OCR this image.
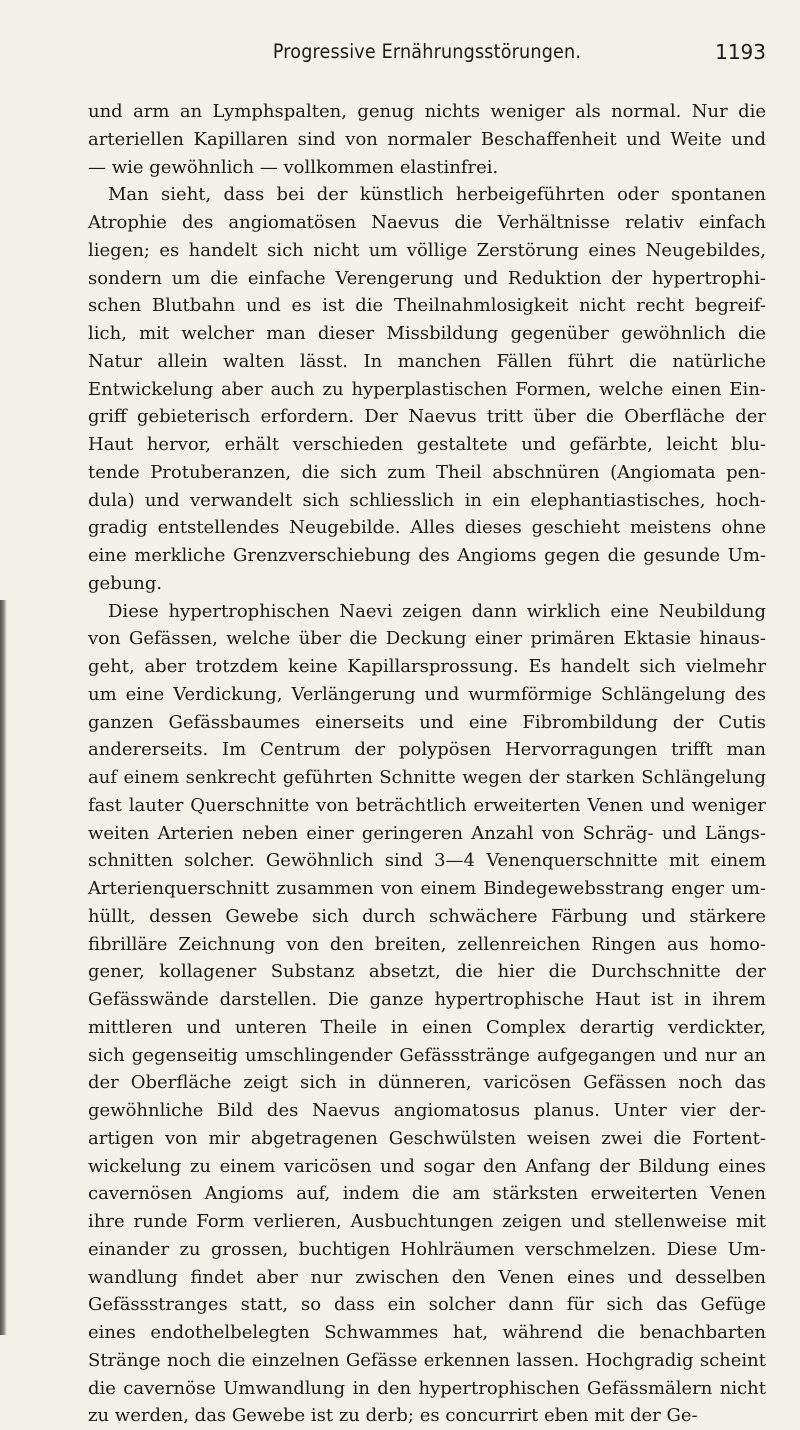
Progressive Ernährungsstörungen.	1193
und arm an Lymphspalten, genug nichts weniger als normal. Nur die
arteriellen Kapillaren sind von normaler Beschaffenheit und Weite und
— wie gewöhnlich — vollkommen elastinfrei.
Man sieht, dass bei der künstlich herbeigeführten oder spontanen
Atrophie des angiomatösen Naevus die Verhältnisse relativ einfach
liegen; es handelt sich nicht um völlige Zerstörung eines Neugebildes,
sondern um die einfache Verengerung und Reduktion der hypertrophi-
schen Blutbahn und es ist die Theilnahmlosigkeit nicht recht begreif-
lich, mit welcher man dieser Missbildung gegenüber gewöhnlich die
Natur allein walten lässt. In manchen Fällen führt die natürliche
Entwickelung aber auch zu hyperplastischen Formen, welche einen Ein-
griff gebieterisch erfordern. Der Naevus tritt über die Oberfläche der
Haut hervor, erhält verschieden gestaltete und gefärbte, leicht blu-
tende Protuberanzen, die sich zum Theil abschnüren (Angiomata pen-
dula) und verwandelt sich schliesslich in ein elephantiastisches, hoch-
gradig entstellendes Neugebilde. Alles dieses geschieht meistens ohne
eine merkliche Grenzverschiebung des Angioms gegen die gesunde Um-
gebung.
Diese hypertrophischen Naevi zeigen dann wirklich eine Neubildung
von Gefässen, welche über die Deckung einer primären Ektasie hinaus-
geht, aber trotzdem keine Kapillarsprossung. Es handelt sich vielmehr
um eine Verdickung, Verlängerung und wurmförmige Schlängelung des
ganzen Gefässbaumes einerseits und eine Fibrombildung der Cutis
andererseits. Im Centrum der polypösen Hervorragungen trifft man
auf einem senkrecht geführten Schnitte wegen der starken Schlängelung
fast lauter Querschnitte von beträchtlich erweiterten Venen und weniger
weiten Arterien neben einer geringeren Anzahl von Schräg- und Längs-
schnitten solcher. Gewöhnlich sind 3—4 Venenquerschnitte mit einem
Arterienquerschnitt zusammen von einem Bindegewebsstrang enger um-
hüllt, dessen Gewebe sich durch schwächere Färbung und stärkere
fibrilläre Zeichnung von den breiten, zellenreichen Ringen aus homo-
gener, kollagener Substanz absetzt, die hier die Durchschnitte der
Gefässwände darstellen. Die ganze hypertrophische Haut ist in ihrem
mittleren und unteren Theile in einen Complex derartig verdickter,
sich gegenseitig umschlingender Gefässstränge aufgegangen und nur an
der Oberfläche zeigt sich in dünneren, varicösen Gefässen noch das
gewöhnliche Bild des Naevus angiomatosus planus. Unter vier der-
artigen von mir abgetragenen Geschwülsten weisen zwei die Fortent-
wickelung zu einem varicösen und sogar den Anfang der Bildung eines
cavernösen Angioms auf, indem die am stärksten erweiterten Venen
ihre runde Form verlieren, Ausbuchtungen zeigen und stellenweise mit
einander zu grossen, buchtigen Hohlräumen verschmelzen. Diese Um-
wandlung findet aber nur zwischen den Venen eines und desselben
Gefässstranges statt, so dass ein solcher dann für sich das Gefüge
eines endothelbelegten Schwammes hat, während die benachbarten
Stränge noch die einzelnen Gefässe erkennen lassen. Hochgradig scheint
die cavernöse Umwandlung in den hypertrophischen Gefässmälern nicht
zu werden, das Gewebe ist zu derb; es concurrirt eben mit der Ge-
